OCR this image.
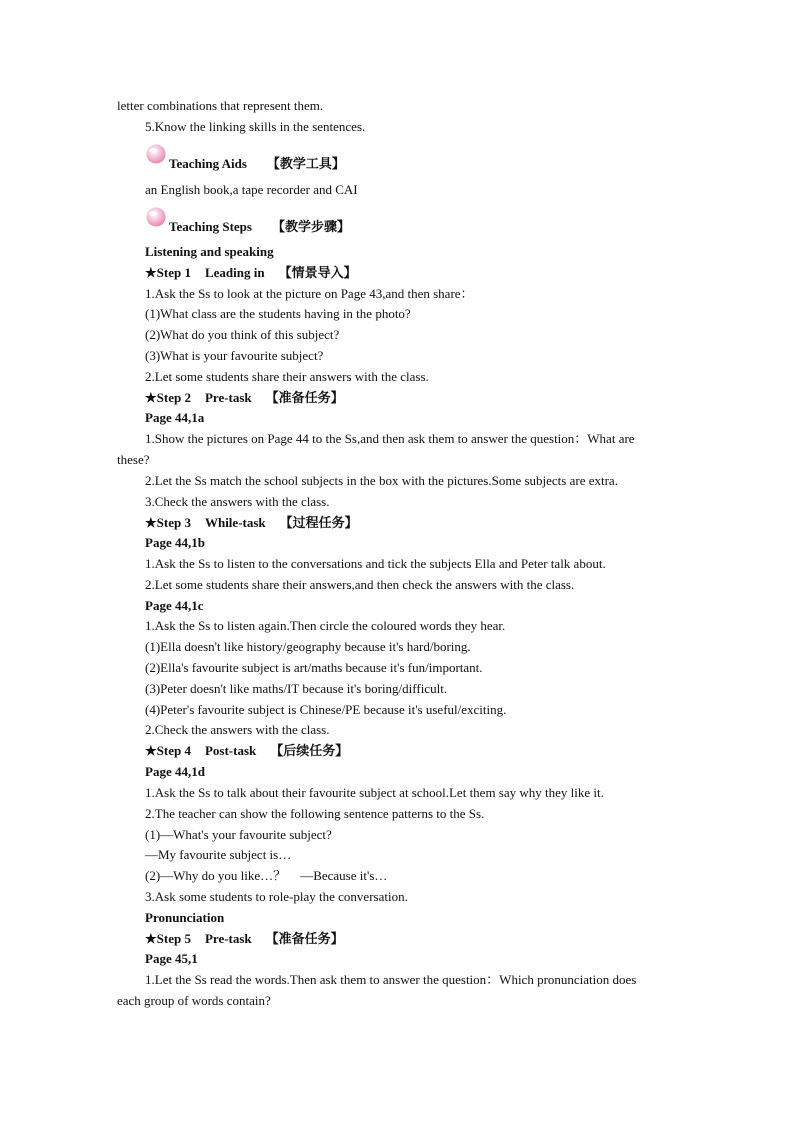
letter combinations that represent them.
5.Know the linking skills in the sentences.
Teaching Aids 【教学工具】
an English book,a tape recorder and CAI
Teaching Steps 【教学步骤】
Listening and speaking
★Step 1 Leading in 【情景导入】
1.Ask the Ss to look at the picture on Page 43,and then share：
(1)What class are the students having in the photo?
(2)What do you think of this subject?
(3)What is your favourite subject?
2.Let some students share their answers with the class.
★Step 2 Pre-task 【准备任务】
Page 44,1a
1.Show the pictures on Page 44 to the Ss,and then ask them to answer the question：What are
these?
2.Let the Ss match the school subjects in the box with the pictures.Some subjects are extra.
3.Check the answers with the class.
★Step 3 While-task 【过程任务】
Page 44,1b
1.Ask the Ss to listen to the conversations and tick the subjects Ella and Peter talk about.
2.Let some students share their answers,and then check the answers with the class.
Page 44,1c
1.Ask the Ss to listen again.Then circle the coloured words they hear.
(1)Ella doesn't like history/geography because it's hard/boring.
(2)Ella's favourite subject is art/maths because it's fun/important.
(3)Peter doesn't like maths/IT because it's boring/difficult.
(4)Peter's favourite subject is Chinese/PE because it's useful/exciting.
2.Check the answers with the class.
★Step 4 Post-task 【后续任务】
Page 44,1d
1.Ask the Ss to talk about their favourite subject at school.Let them say why they like it.
2.The teacher can show the following sentence patterns to the Ss.
(1)—What's your favourite subject?
—My favourite subject is…
(2)—Why do you like…？ —Because it's…
3.Ask some students to role-play the conversation.
Pronunciation
★Step 5 Pre-task 【准备任务】
Page 45,1
1.Let the Ss read the words.Then ask them to answer the question：Which pronunciation does
each group of words contain?
